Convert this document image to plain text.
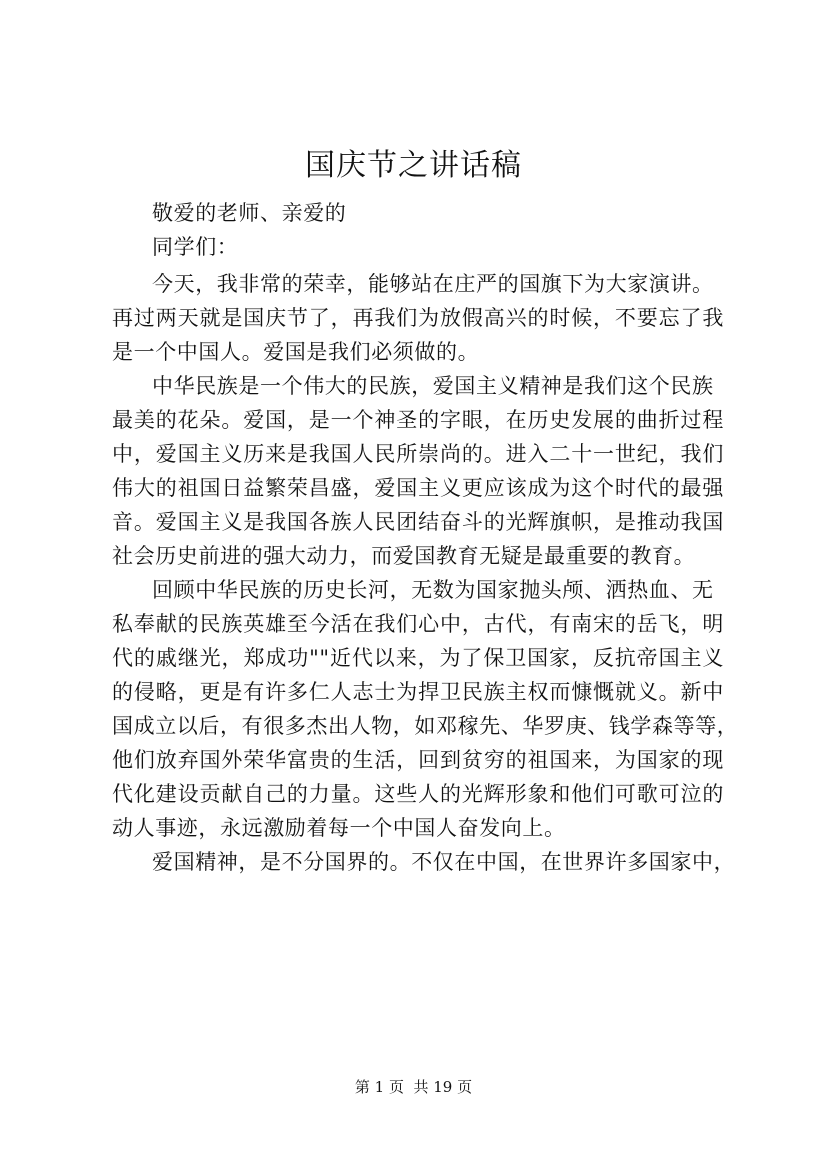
国庆节之讲话稿

敬爱的老师、亲爱的

同学们：

今天，我非常的荣幸，能够站在庄严的国旗下为大家演讲。

再过两天就是国庆节了，再我们为放假高兴的时候，不要忘了我

是一个中国人。爱国是我们必须做的。

中华民族是一个伟大的民族，爱国主义精神是我们这个民族

最美的花朵。爱国，是一个神圣的字眼，在历史发展的曲折过程

中，爱国主义历来是我国人民所崇尚的。进入二十一世纪，我们

伟大的祖国日益繁荣昌盛，爱国主义更应该成为这个时代的最强

音。爱国主义是我国各族人民团结奋斗的光辉旗帜，是推动我国

社会历史前进的强大动力，而爱国教育无疑是最重要的教育。

回顾中华民族的历史长河，无数为国家抛头颅、洒热血、无

私奉献的民族英雄至今活在我们心中，古代，有南宋的岳飞，明

代的戚继光，郑成功""近代以来，为了保卫国家，反抗帝国主义

的侵略，更是有许多仁人志士为捍卫民族主权而慷慨就义。新中

国成立以后，有很多杰出人物，如邓稼先、华罗庚、钱学森等等，

他们放弃国外荣华富贵的生活，回到贫穷的祖国来，为国家的现

代化建设贡献自己的力量。这些人的光辉形象和他们可歌可泣的

动人事迹，永远激励着每一个中国人奋发向上。

爱国精神，是不分国界的。不仅在中国，在世界许多国家中，

第 1 页  共 19 页
